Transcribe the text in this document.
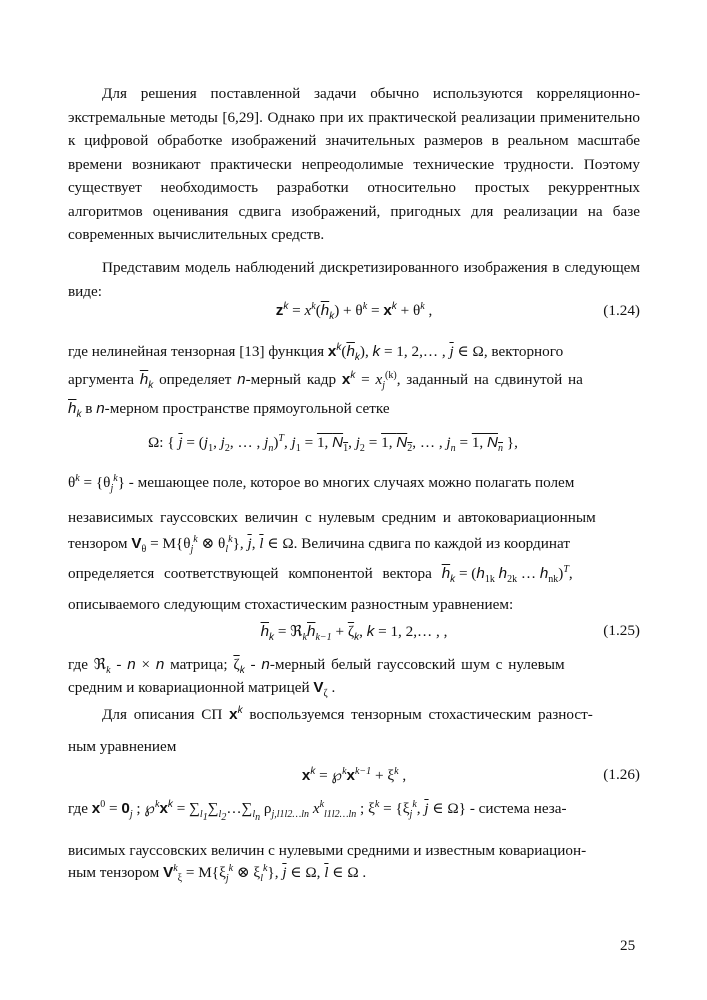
Для решения поставленной задачи обычно используются корреляционно-экстремальные методы [6,29]. Однако при их практической реализации применительно к цифровой обработке изображений значительных размеров в реальном масштабе времени возникают практически непреодолимые технические трудности. Поэтому существует необходимость разработки относительно простых рекуррентных алгоритмов оценивания сдвига изображений, пригодных для реализации на базе современных вычислительных средств.

Представим модель наблюдений дискретизированного изображения в следующем виде:

$z^k = x^k(\overline{h}_k) + \theta^k = x^k + \theta^k$ ,	(1.24)
где нелинейная тензорная [13] функция $x^k(\overline{h}_k)$, k = 1, 2,… , $\overline{j}$ ∈ Ω, векторного
аргумента $\overline{h}_k$ определяет n-мерный кадр $x^k = x_j^{(k)}$, заданный на сдвинутой на
$\overline{h}_k$ в n-мерном пространстве прямоугольной сетке
Ω: { $\overline{j} = (j_1$, $j_2$, … , $j_n)^T$, $j_1 = 1$, $N_1$, $j_2 = 1$, $N_2$, … , $j_n = 1$, $N_n$ },
$\theta^k = \{\theta_j^k\}$ - мешающее поле, которое во многих случаях можно полагать полем
независимых гауссовских величин с нулевым средним и автоковариационным
тензором $V_\theta = M\{\theta_j^k$ ⊗ $\theta_l^k$}, $\overline{j}$, $\overline{l}$ ∈ Ω. Величина сдвига по каждой из координат
определяется соответствующей компонентой вектора $\overline{h}_k = (h_{1k}$ $h_{2k}$ … $h_{nk})^T$,
описываемого следующим стохастическим разностным уравнением:
$\overline{h}_k$ = $ℜ_k\overline{h}_{k-1} + \overline{\zeta}_k$, k = 1, 2,… , ,	(1.25)
где ℜ$_k$ - n × n матрица; $\overline{\zeta}_k$ - n-мерный белый гауссовский шум с нулевым
средним и ковариационной матрицей $V_\zeta$ .
Для описания СП $x^k$ воспользуемся тензорным стохастическим разност-
ным уравнением
$x^k$ = $℘^kx^{k-1} + \xi^k$ ,	(1.26)
где $x^0 = 0_j$ ; $℘^kx^k$ = $\sum_{l_1}\sum_{l_2}\dots\sum_{l_n}$ $\rho_{j,l1l2\dots ln}$ $x^k_{l1l2\dots ln}$ ; $\xi^k = \{\xi_j^k$, $\overline{j}$ ∈ Ω} - система неза-
висимых гауссовских величин с нулевыми средними и известным ковариацион-
ным тензором $V^k_\xi = M\{\xi_j^k$ ⊗ $\xi_l^k$}, $\overline{j}$ ∈ Ω, $\overline{l}$ ∈ Ω .
25
